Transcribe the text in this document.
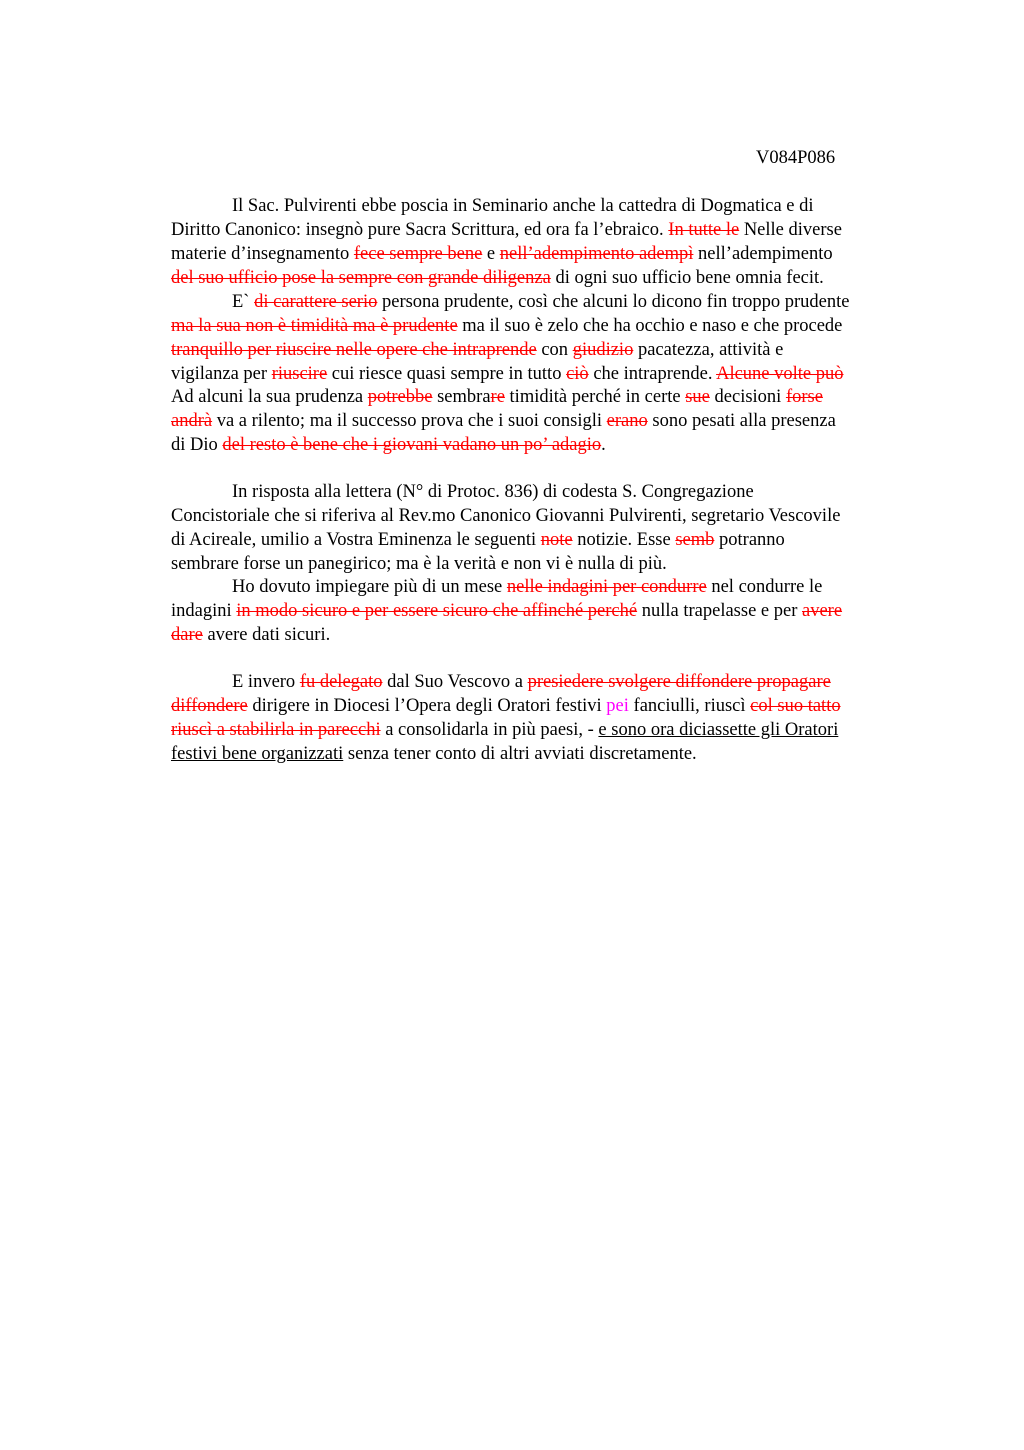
V084P086
Il Sac. Pulvirenti ebbe poscia in Seminario anche la cattedra di Dogmatica e di
Diritto Canonico: insegnò pure Sacra Scrittura, ed ora fa l’ebraico. In tutte le Nelle diverse
materie d’insegnamento fece sempre bene e nell’adempimento adempì nell’adempimento
del suo ufficio pose la sempre con grande diligenza di ogni suo ufficio bene omnia fecit.
E` di carattere serio persona prudente, così che alcuni lo dicono fin troppo prudente
ma la sua non è timidità ma è prudente ma il suo è zelo che ha occhio e naso e che procede
tranquillo per riuscire nelle opere che intraprende con giudizio pacatezza, attività e
vigilanza per riuscire cui riesce quasi sempre in tutto ciò che intraprende. Alcune volte può
Ad alcuni la sua prudenza potrebbe sembrare timidità perché in certe sue decisioni forse
andrà va a rilento; ma il successo prova che i suoi consigli erano sono pesati alla presenza
di Dio del resto è bene che i giovani vadano un po’ adagio.
In risposta alla lettera (N° di Protoc. 836) di codesta S. Congregazione
Concistoriale che si riferiva al Rev.mo Canonico Giovanni Pulvirenti, segretario Vescovile
di Acireale, umilio a Vostra Eminenza le seguenti note notizie. Esse semb potranno
sembrare forse un panegirico; ma è la verità e non vi è nulla di più.
Ho dovuto impiegare più di un mese nelle indagini per condurre nel condurre le
indagini in modo sicuro e per essere sicuro che affinché perché nulla trapelasse e per avere
dare avere dati sicuri.
E invero fu delegato dal Suo Vescovo a presiedere svolgere diffondere propagare
diffondere dirigere in Diocesi l’Opera degli Oratori festivi pei fanciulli, riuscì col suo tatto
riuscì a stabilirla in parecchi a consolidarla in più paesi, - e sono ora diciassette gli Oratori
festivi bene organizzati senza tener conto di altri avviati discretamente.
